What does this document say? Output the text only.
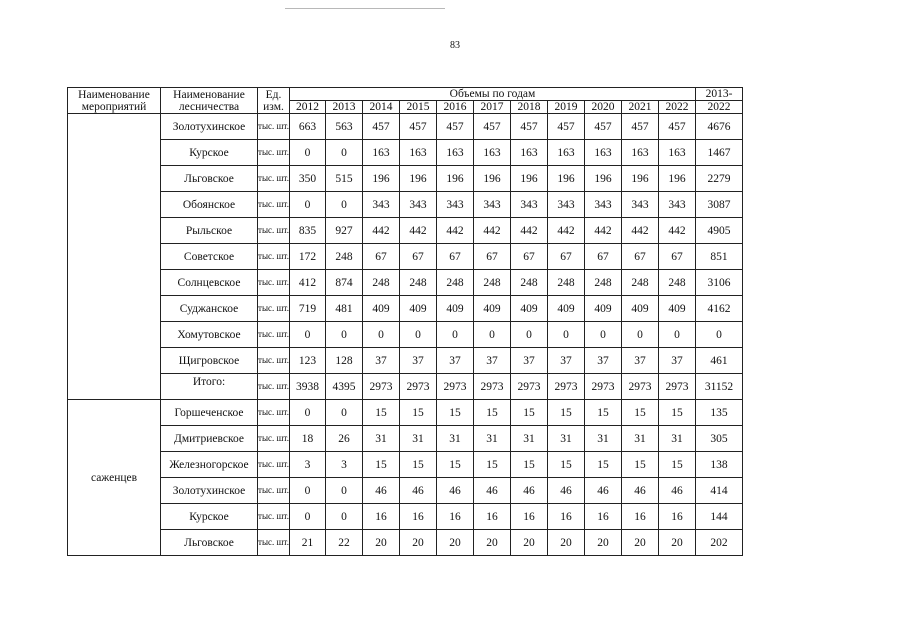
83
Наименование мероприятий	Наименование лесничества	Ед. изм.	Объемы по годам											2013-
			2012	2013	2014	2015	2016	2017	2018	2019	2020	2021	2022	2022
	Золотухинское	тыс. шт.	663	563	457	457	457	457	457	457	457	457	457	4676
	Курское	тыс. шт.	0	0	163	163	163	163	163	163	163	163	163	1467
	Льговское	тыс. шт.	350	515	196	196	196	196	196	196	196	196	196	2279
	Обоянское	тыс. шт.	0	0	343	343	343	343	343	343	343	343	343	3087
	Рыльское	тыс. шт.	835	927	442	442	442	442	442	442	442	442	442	4905
	Советское	тыс. шт.	172	248	67	67	67	67	67	67	67	67	67	851
	Солнцевское	тыс. шт.	412	874	248	248	248	248	248	248	248	248	248	3106
	Суджанское	тыс. шт.	719	481	409	409	409	409	409	409	409	409	409	4162
	Хомутовское	тыс. шт.	0	0	0	0	0	0	0	0	0	0	0	0
	Щигровское	тыс. шт.	123	128	37	37	37	37	37	37	37	37	37	461
	Итого:	тыс. шт.	3938	4395	2973	2973	2973	2973	2973	2973	2973	2973	2973	31152
саженцев	Горшеченское	тыс. шт.	0	0	15	15	15	15	15	15	15	15	15	135
	Дмитриевское	тыс. шт.	18	26	31	31	31	31	31	31	31	31	31	305
	Железногорское	тыс. шт.	3	3	15	15	15	15	15	15	15	15	15	138
	Золотухинское	тыс. шт.	0	0	46	46	46	46	46	46	46	46	46	414
	Курское	тыс. шт.	0	0	16	16	16	16	16	16	16	16	16	144
	Льговское	тыс. шт.	21	22	20	20	20	20	20	20	20	20	20	202
